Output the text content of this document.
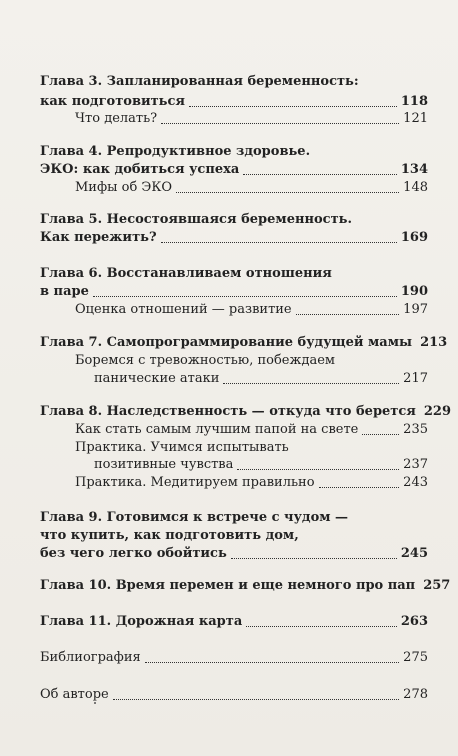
Глава 3. Запланированная беременность:
как подготовиться	118
Что делать?	121
Глава 4. Репродуктивное здоровье.
ЭКО: как добиться успеха	134
Мифы об ЭКО	148
Глава 5. Несостоявшаяся беременность.
Как пережить?	169
Глава 6. Восстанавливаем отношения
в паре	190
Оценка отношений — развитие	197
Глава 7. Самопрограммирование будущей мамы 213
Боремся с тревожностью, побеждаем
панические атаки	217
Глава 8. Наследственность — откуда что берется 229
Как стать самым лучшим папой на свете	235
Практика. Учимся испытывать
позитивные чувства	237
Практика. Медитируем правильно	243
Глава 9. Готовимся к встрече с чудом —
что купить, как подготовить дом,
без чего легко обойтись	245
Глава 10. Время перемен и еще немного про пап 257
Глава 11. Дорожная карта	263
Библиография	275
Об авторе	278
